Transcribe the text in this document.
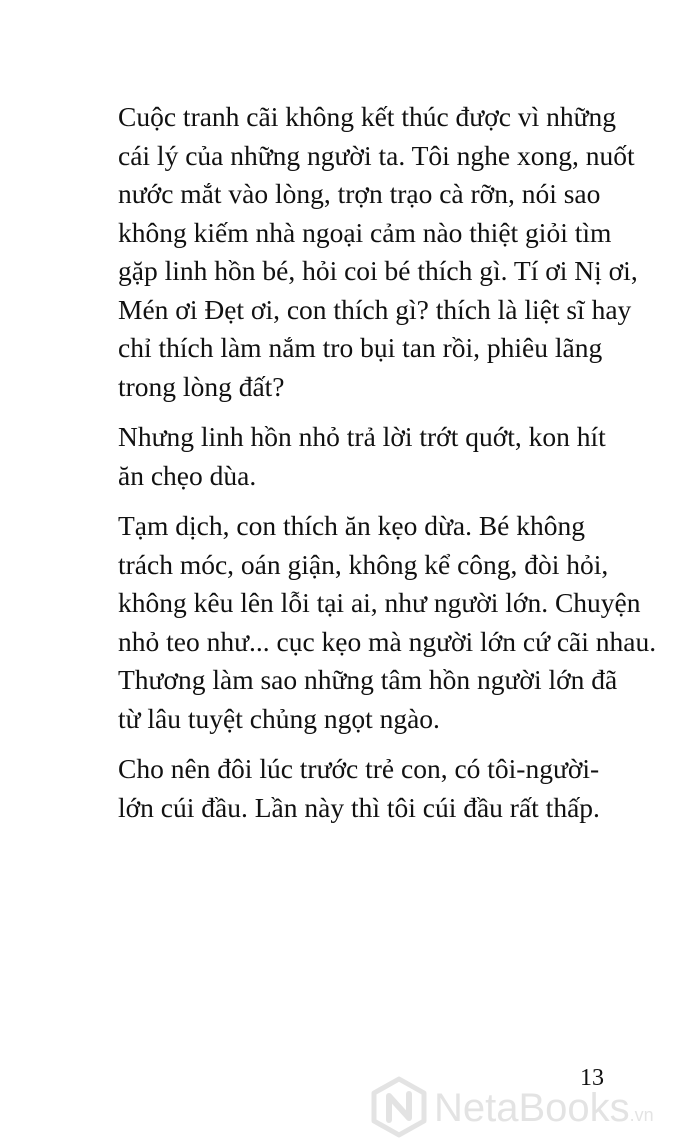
Cuộc tranh cãi không kết thúc được vì những
cái lý của những người ta. Tôi nghe xong, nuốt
nước mắt vào lòng, trợn trạo cà rỡn, nói sao
không kiếm nhà ngoại cảm nào thiệt giỏi tìm
gặp linh hồn bé, hỏi coi bé thích gì. Tí ơi Nị ơi,
Mén ơi Đẹt ơi, con thích gì? thích là liệt sĩ hay
chỉ thích làm nắm tro bụi tan rồi, phiêu lãng
trong lòng đất?

Nhưng linh hồn nhỏ trả lời trớt quớt, kon hít
ăn chẹo dùa.

Tạm dịch, con thích ăn kẹo dừa. Bé không
trách móc, oán giận, không kể công, đòi hỏi,
không kêu lên lỗi tại ai, như người lớn. Chuyện
nhỏ teo như... cục kẹo mà người lớn cứ cãi nhau.
Thương làm sao những tâm hồn người lớn đã
từ lâu tuyệt chủng ngọt ngào.

Cho nên đôi lúc trước trẻ con, có tôi-người-
lớn cúi đầu. Lần này thì tôi cúi đầu rất thấp.

13
NetaBooks.vn
